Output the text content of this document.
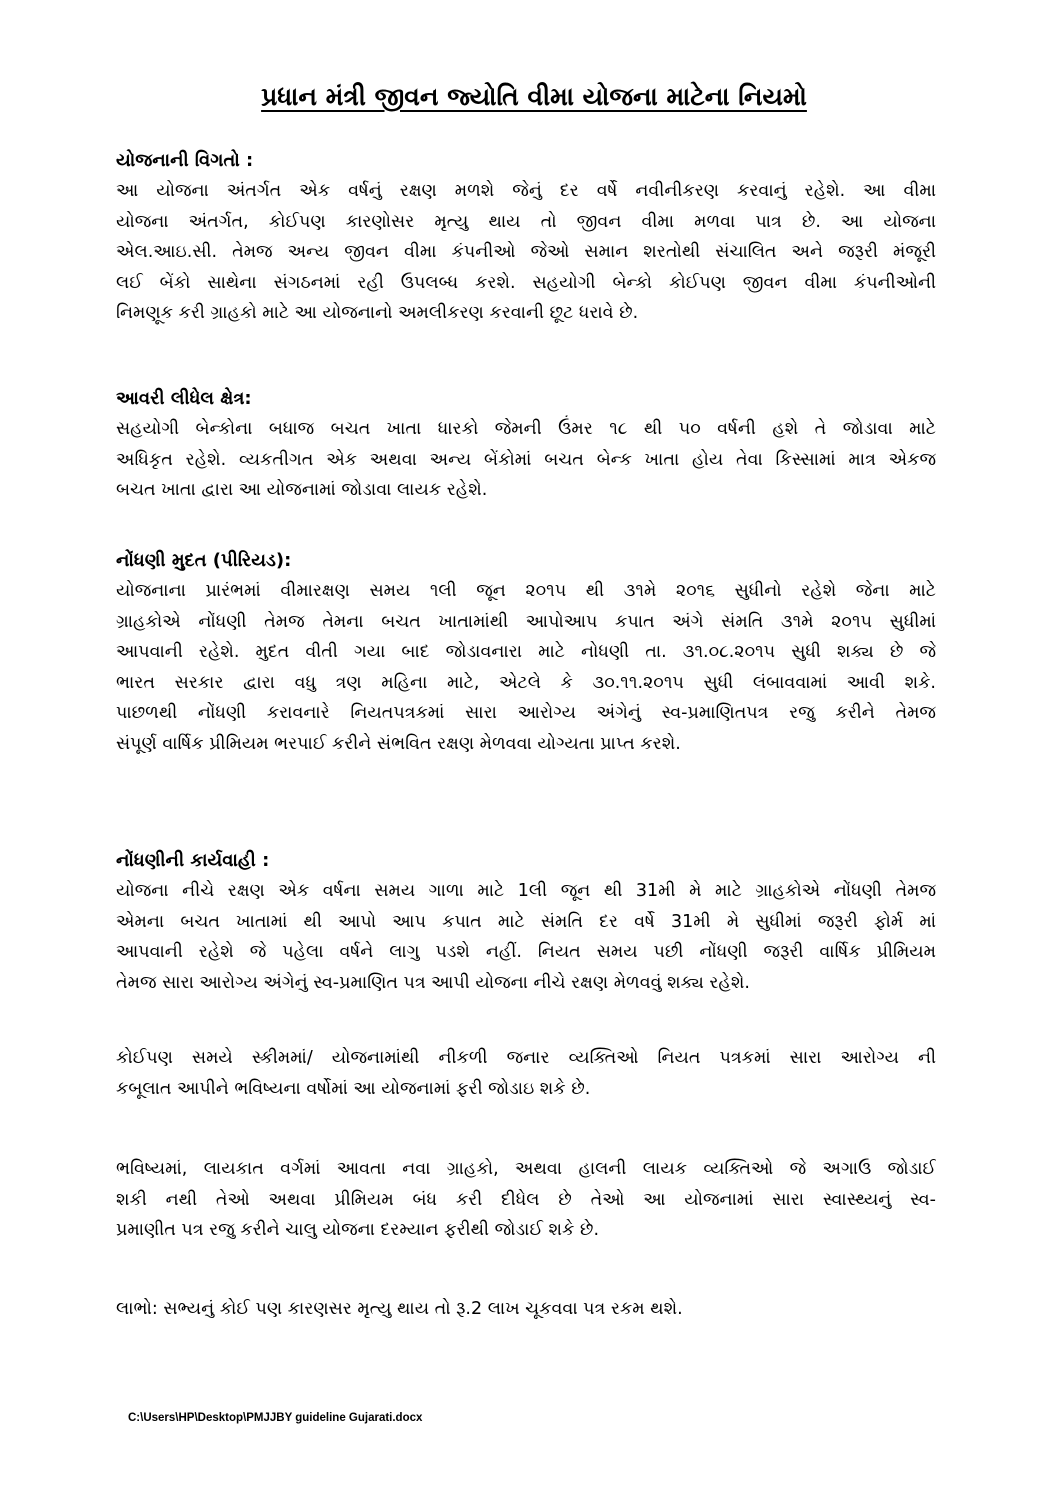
પ્રધાન મંત્રી જીવન જ્યોતિ વીમા યોજના માટેના નિયમો
યોજનાની વિગતો :
આ યોજના અંતર્ગત એક વર્ષનું રક્ષણ મળશે જેનું દર વર્ષે નવીનીકરણ કરવાનું રહેશે. આ વીમા
યોજના અંતર્ગત, કોઈપણ કારણોસર મૃત્યુ થાય તો જીવન વીમા મળવા પાત્ર છે. આ યોજના
એલ.આઇ.સી. તેમજ અન્ય જીવન વીમા કંપનીઓ જેઓ સમાન શરતોથી સંચાલિત અને જરૂરી મંજૂરી
લઈ બેંકો સાથેના સંગઠનમાં રહી ઉપલબ્ધ કરશે. સહયોગી બેન્કો કોઈપણ જીવન વીમા કંપનીઓની
નિમણૂક કરી ગ્રાહકો માટે આ યોજનાનો અમલીકરણ કરવાની છૂટ ધરાવે છે.
આવરી લીધેલ ક્ષેત્ર:
સહયોગી બેન્કોના બધાજ બચત ખાતા ધારકો જેમની ઉંમર ૧૮ થી ૫૦ વર્ષની હશે તે જોડાવા માટે
અધિકૃત રહેશે. વ્યકતીગત એક અથવા અન્ય બેંકોમાં બચત બેન્ક ખાતા હોય તેવા કિસ્સામાં માત્ર એકજ
બચત ખાતા દ્વારા આ યોજનામાં જોડાવા લાયક રહેશે.
નોંધણી મુદત (પીરિયડ):
યોજનાના પ્રારંભમાં વીમારક્ષણ સમય ૧લી જૂન ૨૦૧૫ થી ૩૧મે ૨૦૧૬ સુધીનો રહેશે જેના માટે
ગ્રાહકોએ નોંધણી તેમજ તેમના બચત ખાતામાંથી આપોઆપ કપાત અંગે સંમતિ ૩૧મે ૨૦૧૫ સુધીમાં
આપવાની રહેશે. મુદત વીતી ગયા બાદ જોડાવનારા માટે નોધણી તા. ૩૧.૦૮.૨૦૧૫ સુધી શક્ય છે જે
ભારત સરકાર દ્વારા વધુ ત્રણ મહિના માટે, એટલે કે ૩૦.૧૧.૨૦૧૫ સુધી લંબાવવામાં આવી શકે.
પાછળથી નોંધણી કરાવનારે નિયતપત્રકમાં સારા આરોગ્ય અંગેનું સ્વ-પ્રમાણિતપત્ર રજુ કરીને તેમજ
સંપૂર્ણ વાર્ષિક પ્રીમિયમ ભરપાઈ કરીને સંભવિત રક્ષણ મેળવવા યોગ્યતા પ્રાપ્ત કરશે.
નોંધણીની કાર્યવાહી :
યોજના નીચે રક્ષણ એક વર્ષના સમય ગાળા માટે 1લી જૂન થી 31મી મે માટે ગ્રાહકોએ નોંધણી તેમજ
એમના બચત ખાતામાં થી આપો આપ કપાત માટે સંમતિ દર વર્ષે 31મી મે સુધીમાં જરૂરી ફોર્મ માં
આપવાની રહેશે જે પહેલા વર્ષને લાગુ પડશે નહીં. નિયત સમય પછી નોંધણી જરૂરી વાર્ષિક પ્રીમિયમ
તેમજ સારા આરોગ્ય અંગેનું સ્વ-પ્રમાણિત પત્ર આપી યોજના નીચે રક્ષણ મેળવવું શક્ય રહેશે.
કોઈપણ સમયે સ્કીમમાં/ યોજનામાંથી નીકળી જનાર વ્યક્તિઓ નિયત પત્રકમાં સારા આરોગ્ય ની
કબૂલાત આપીને ભવિષ્યના વર્ષોમાં આ યોજનામાં ફરી જોડાઇ શકે છે.
ભવિષ્યમાં, લાયકાત વર્ગમાં આવતા નવા ગ્રાહકો, અથવા હાલની લાયક વ્યક્તિઓ જે અગાઉ જોડાઈ
શકી નથી તેઓ અથવા પ્રીમિયમ બંધ કરી દીધેલ છે તેઓ આ યોજનામાં સારા સ્વાસ્થ્યનું સ્વ-
પ્રમાણીત પત્ર રજુ કરીને ચાલુ યોજના દરમ્યાન ફરીથી જોડાઈ શકે છે.
લાભો: સભ્યનું કોઈ પણ કારણસર મૃત્યુ થાય તો રૂ.2 લાખ ચૂકવવા પત્ર રકમ થશે.
C:\Users\HP\Desktop\PMJJBY guideline Gujarati.docx
